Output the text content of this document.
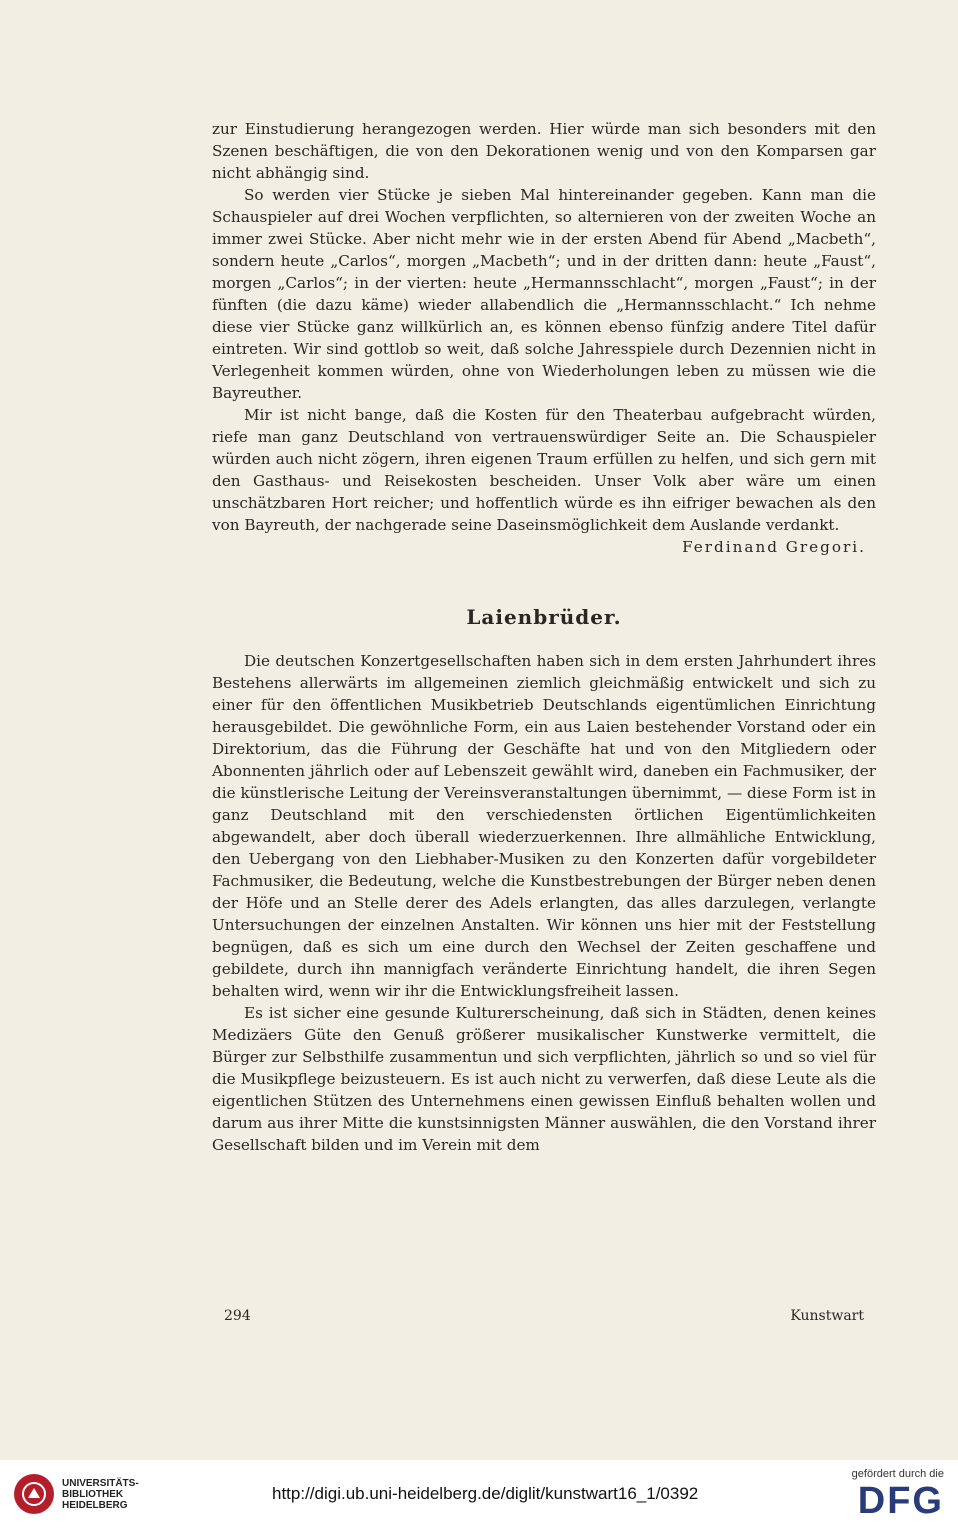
zur Einstudierung herangezogen werden. Hier würde man sich besonders mit den Szenen beschäftigen, die von den Dekorationen wenig und von den Komparsen gar nicht abhängig sind.

So werden vier Stücke je sieben Mal hintereinander gegeben. Kann man die Schauspieler auf drei Wochen verpflichten, so alternieren von der zweiten Woche an immer zwei Stücke. Aber nicht mehr wie in der ersten Abend für Abend „Macbeth“, sondern heute „Carlos“, morgen „Macbeth“; und in der dritten dann: heute „Faust“, morgen „Carlos“; in der vierten: heute „Hermannsschlacht“, morgen „Faust“; in der fünften (die dazu käme) wieder allabendlich die „Hermannsschlacht.“ Ich nehme diese vier Stücke ganz willkürlich an, es können ebenso fünfzig andere Titel dafür eintreten. Wir sind gottlob so weit, daß solche Jahresspiele durch Dezennien nicht in Verlegenheit kommen würden, ohne von Wiederholungen leben zu müssen wie die Bayreuther.

Mir ist nicht bange, daß die Kosten für den Theaterbau aufgebracht würden, riefe man ganz Deutschland von vertrauenswürdiger Seite an. Die Schauspieler würden auch nicht zögern, ihren eigenen Traum erfüllen zu helfen, und sich gern mit den Gasthaus- und Reisekosten bescheiden. Unser Volk aber wäre um einen unschätzbaren Hort reicher; und hoffentlich würde es ihn eifriger bewachen als den von Bayreuth, der nachgerade seine Daseinsmöglichkeit dem Auslande verdankt.

Ferdinand Gregori.

Laienbrüder.

Die deutschen Konzertgesellschaften haben sich in dem ersten Jahrhundert ihres Bestehens allerwärts im allgemeinen ziemlich gleichmäßig entwickelt und sich zu einer für den öffentlichen Musikbetrieb Deutschlands eigentümlichen Einrichtung herausgebildet. Die gewöhnliche Form, ein aus Laien bestehender Vorstand oder ein Direktorium, das die Führung der Geschäfte hat und von den Mitgliedern oder Abonnenten jährlich oder auf Lebenszeit gewählt wird, daneben ein Fachmusiker, der die künstlerische Leitung der Vereinsveranstaltungen übernimmt, — diese Form ist in ganz Deutschland mit den verschiedensten örtlichen Eigentümlichkeiten abgewandelt, aber doch überall wiederzuerkennen. Ihre allmähliche Entwicklung, den Uebergang von den Liebhaber-Musiken zu den Konzerten dafür vorgebildeter Fachmusiker, die Bedeutung, welche die Kunstbestrebungen der Bürger neben denen der Höfe und an Stelle derer des Adels erlangten, das alles darzulegen, verlangte Untersuchungen der einzelnen Anstalten. Wir können uns hier mit der Feststellung begnügen, daß es sich um eine durch den Wechsel der Zeiten geschaffene und gebildete, durch ihn mannigfach veränderte Einrichtung handelt, die ihren Segen behalten wird, wenn wir ihr die Entwicklungsfreiheit lassen.

Es ist sicher eine gesunde Kulturerscheinung, daß sich in Städten, denen keines Medizäers Güte den Genuß größerer musikalischer Kunstwerke vermittelt, die Bürger zur Selbsthilfe zusammentun und sich verpflichten, jährlich so und so viel für die Musikpflege beizusteuern. Es ist auch nicht zu verwerfen, daß diese Leute als die eigentlichen Stützen des Unternehmens einen gewissen Einfluß behalten wollen und darum aus ihrer Mitte die kunstsinnigsten Männer auswählen, die den Vorstand ihrer Gesellschaft bilden und im Verein mit dem

294	Kunstwart
UNIVERSITÄTS-
BIBLIOTHEK
HEIDELBERG
http://digi.ub.uni-heidelberg.de/diglit/kunstwart16_1/0392
gefördert durch die
DFG
